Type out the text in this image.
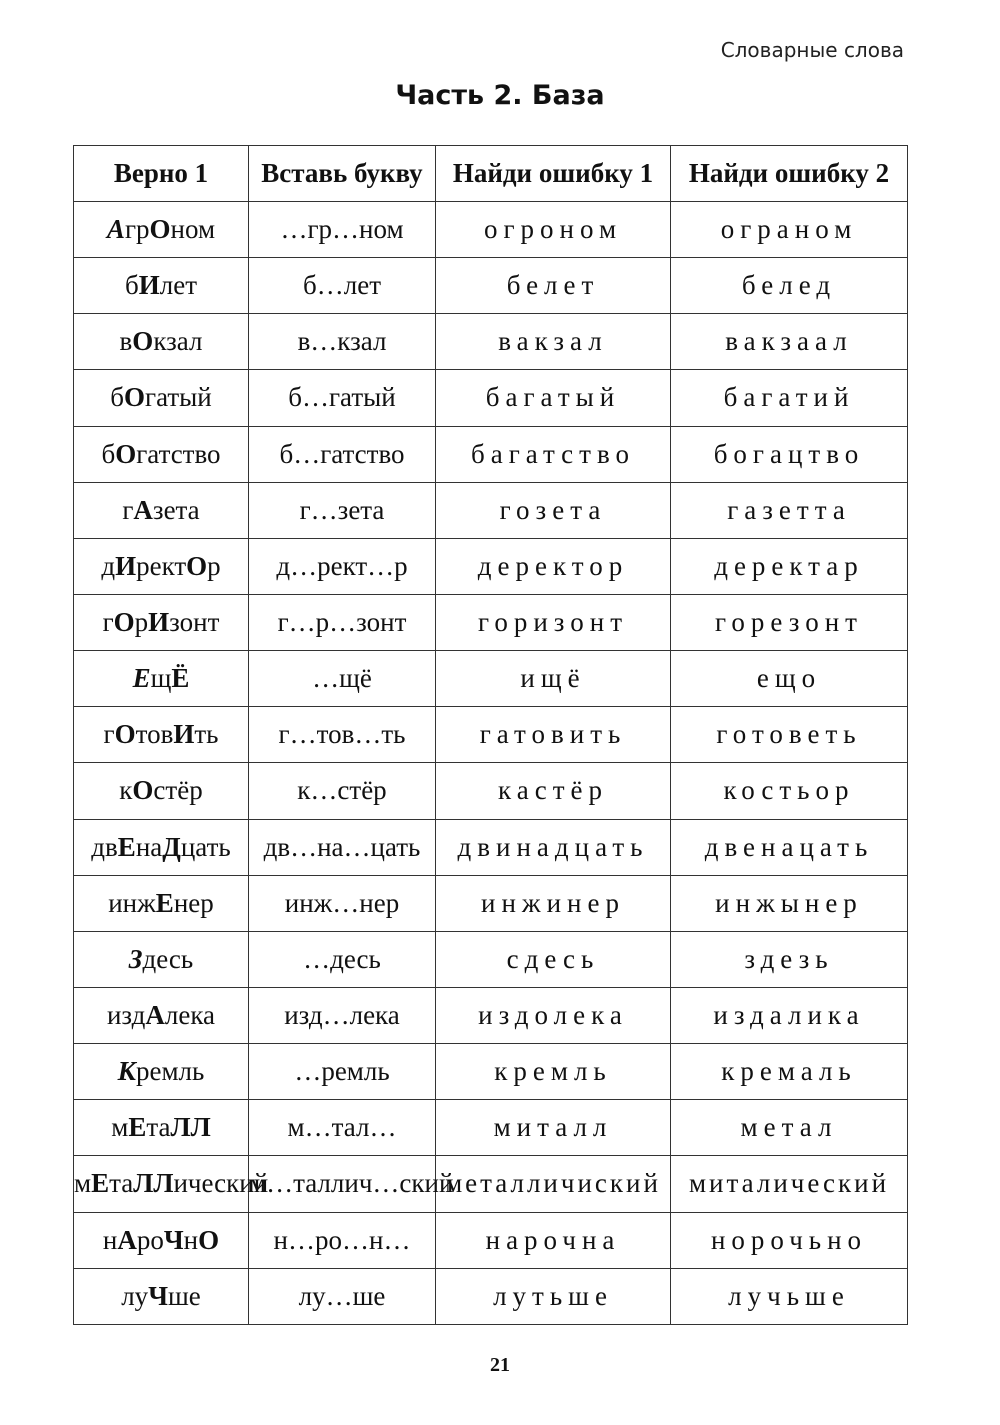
Словарные слова
Часть 2. База
Верно 1	Вставь букву	Найди ошибку 1	Найди ошибку 2
АгрОном	…гр…ном	огроном	ограном
бИлет	б…лет	белет	белед
вОкзал	в…кзал	вакзал	вакзаал
бОгатый	б…гатый	багатый	багатий
бОгатство	б…гатство	багатство	богацтво
гАзета	г…зета	гозета	газетта
дИректОр	д…рект…р	деректор	деректар
гОрИзонт	г…р…зонт	горизонт	горезонт
ЕщЁ	…щё	ищё	ещо
гОтовИть	г…тов…ть	гатовить	готоветь
кОстёр	к…стёр	кастёр	костьор
двЕнаДцать	дв…на…цать	двинадцать	двенацать
инжЕнер	инж…нер	инжинер	инжынер
Здесь	…десь	сдесь	здезь
издАлека	изд…лека	издолека	издалика
Кремль	…ремль	кремль	кремаль
мЕтаЛЛ	м…тал…	миталл	метал
мЕтаЛЛический	м…таллич…ский	металличиский	миталический
нАроЧнО	н…ро…н…	нарочна	норочьно
луЧше	лу…ше	лутьше	лучьше
21
